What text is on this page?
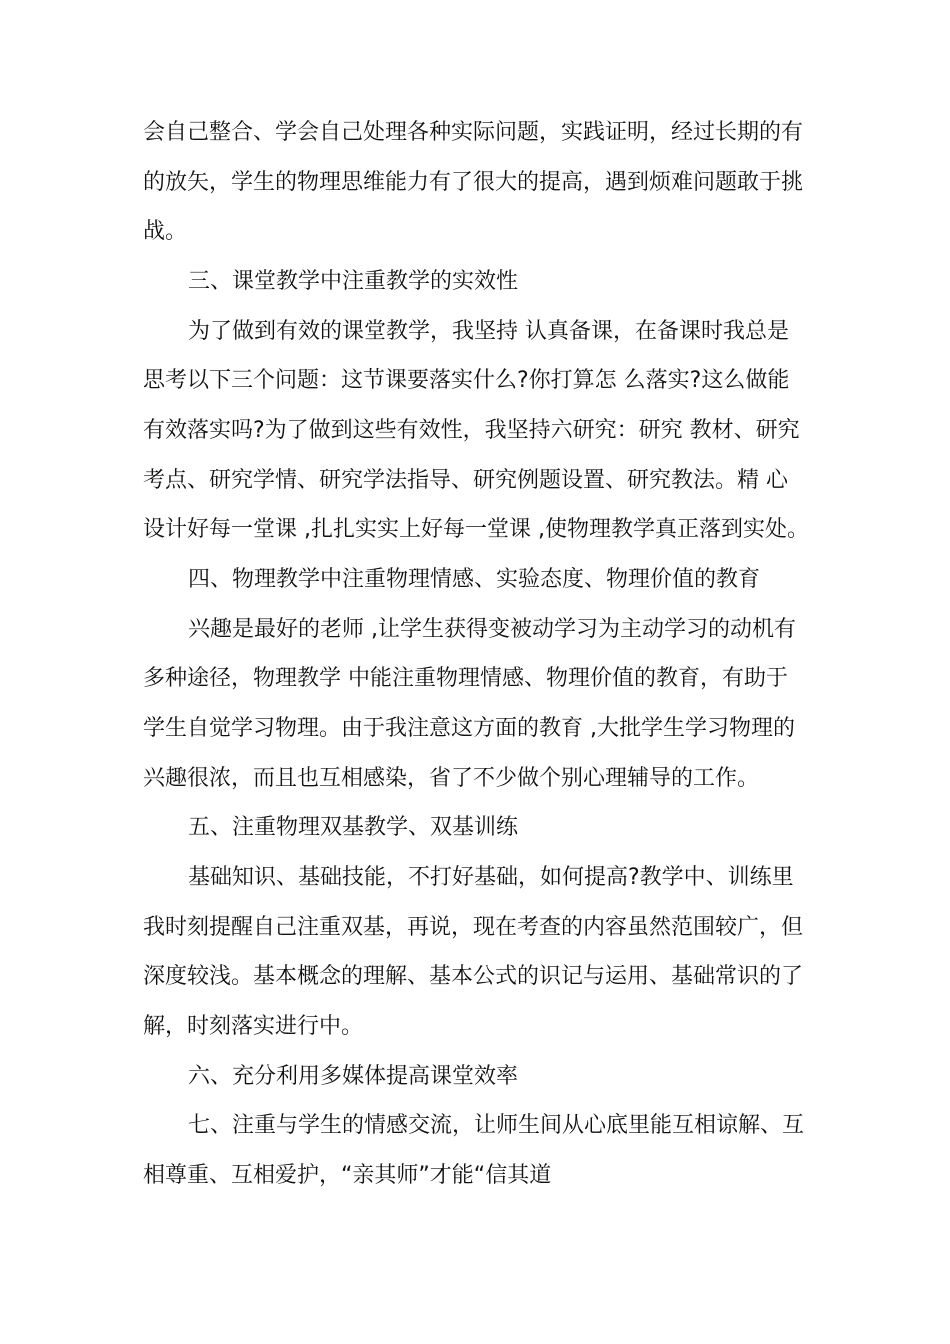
会自己整合、学会自己处理各种实际问题，实践证明，经过长期的有
的放矢，学生的物理思维能力有了很大的提高，遇到烦难问题敢于挑
战。
三、课堂教学中注重教学的实效性
为了做到有效的课堂教学，我坚持 认真备课，在备课时我总是
思考以下三个问题：这节课要落实什么?你打算怎 么落实?这么做能
有效落实吗?为了做到这些有效性，我坚持六研究：研究 教材、研究
考点、研究学情、研究学法指导、研究例题设置、研究教法。精 心
设计好每一堂课 ,扎扎实实上好每一堂课 ,使物理教学真正落到实处。
四、物理教学中注重物理情感、实验态度、物理价值的教育
兴趣是最好的老师 ,让学生获得变被动学习为主动学习的动机有
多种途径，物理教学 中能注重物理情感、物理价值的教育，有助于
学生自觉学习物理。由于我注意这方面的教育 ,大批学生学习物理的
兴趣很浓，而且也互相感染，省了不少做个别心理辅导的工作。
五、注重物理双基教学、双基训练
基础知识、基础技能，不打好基础，如何提高?教学中、训练里
我时刻提醒自己注重双基，再说，现在考查的内容虽然范围较广，但
深度较浅。基本概念的理解、基本公式的识记与运用、基础常识的了
解，时刻落实进行中。
六、充分利用多媒体提高课堂效率
七、注重与学生的情感交流，让师生间从心底里能互相谅解、互
相尊重、互相爱护，“亲其师”才能“信其道
